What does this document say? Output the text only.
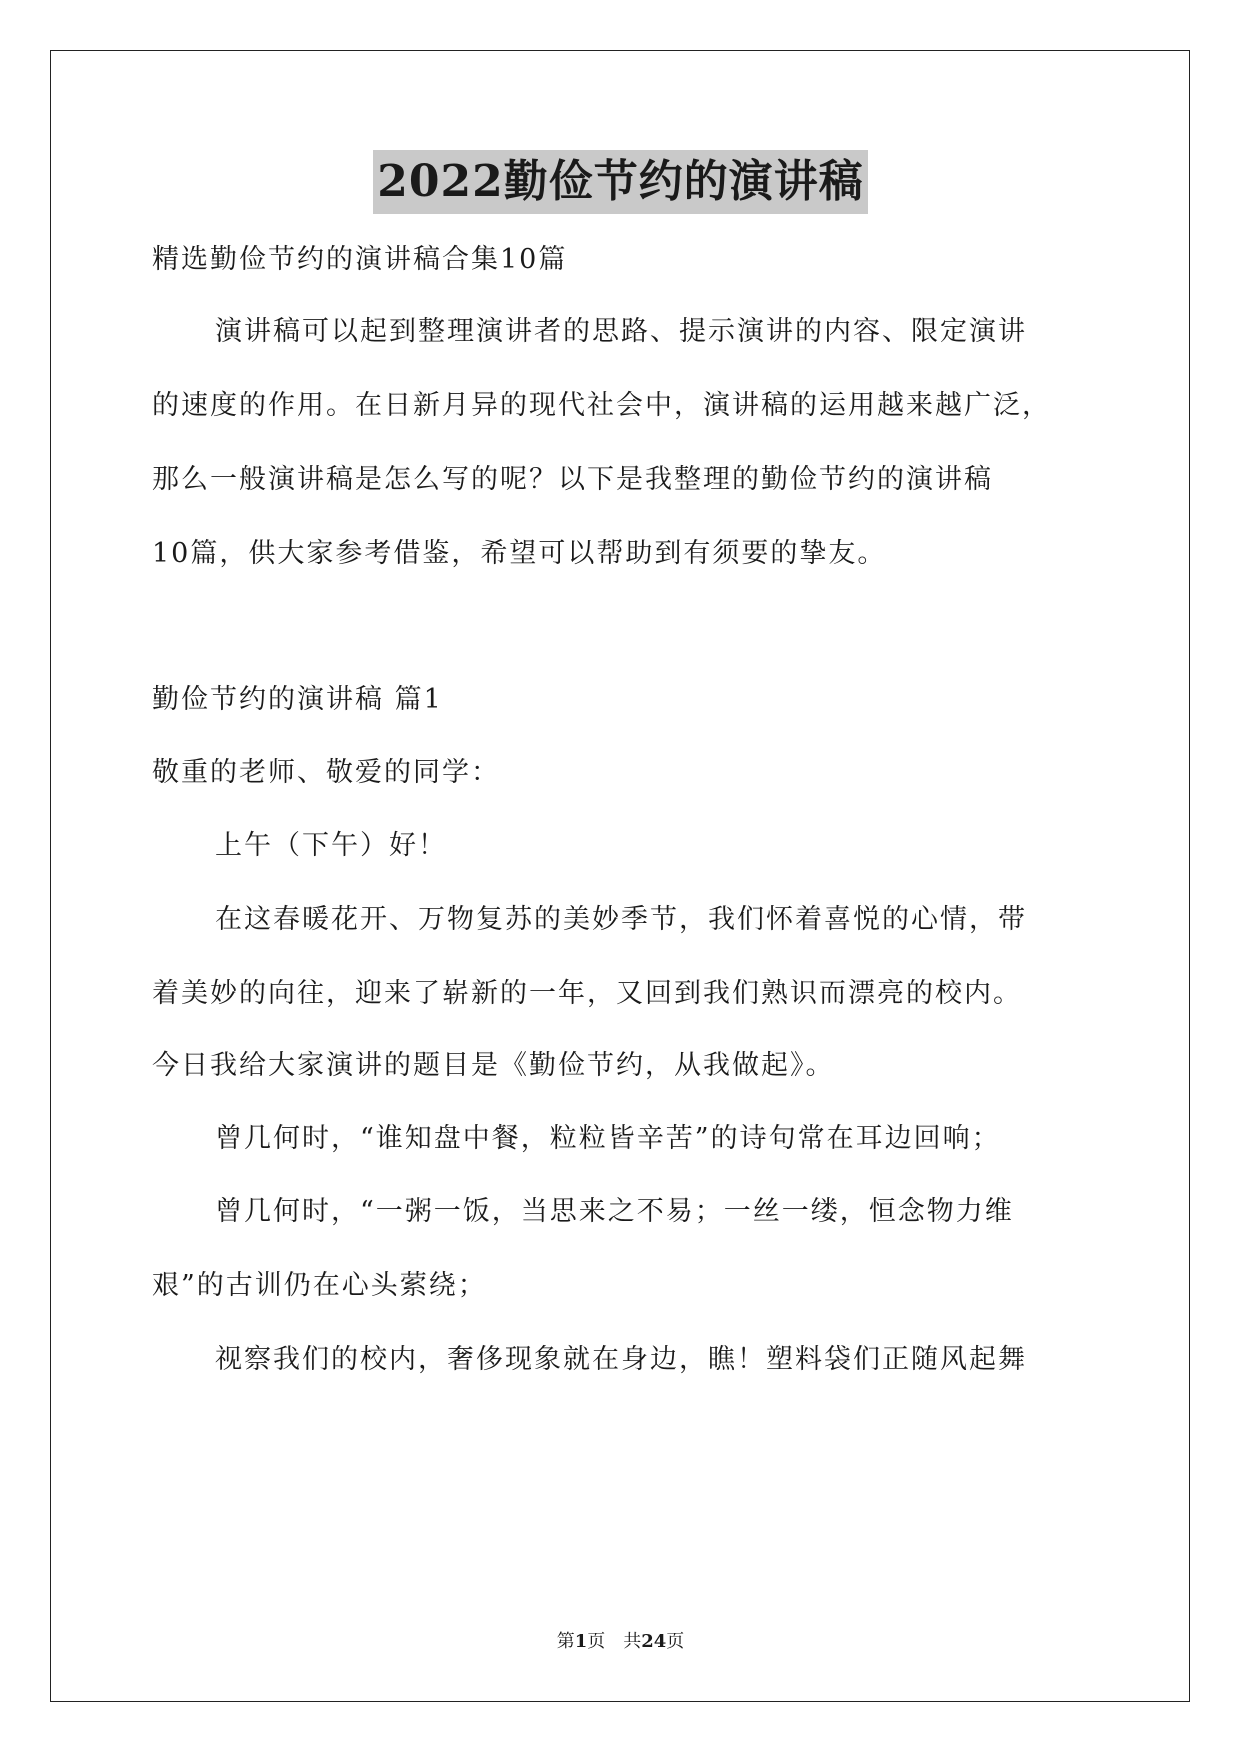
2022勤俭节约的演讲稿
精选勤俭节约的演讲稿合集10篇
演讲稿可以起到整理演讲者的思路、提示演讲的内容、限定演讲
的速度的作用。在日新月异的现代社会中，演讲稿的运用越来越广泛，
那么一般演讲稿是怎么写的呢？以下是我整理的勤俭节约的演讲稿
10篇，供大家参考借鉴，希望可以帮助到有须要的挚友。
勤俭节约的演讲稿 篇1
敬重的老师、敬爱的同学：
上午（下午）好！
在这春暖花开、万物复苏的美妙季节，我们怀着喜悦的心情，带
着美妙的向往，迎来了崭新的一年，又回到我们熟识而漂亮的校内。
今日我给大家演讲的题目是《勤俭节约，从我做起》。
曾几何时，“谁知盘中餐，粒粒皆辛苦”的诗句常在耳边回响；
曾几何时，“一粥一饭，当思来之不易；一丝一缕，恒念物力维
艰”的古训仍在心头萦绕；
视察我们的校内，奢侈现象就在身边，瞧！塑料袋们正随风起舞
第1页 共24页
